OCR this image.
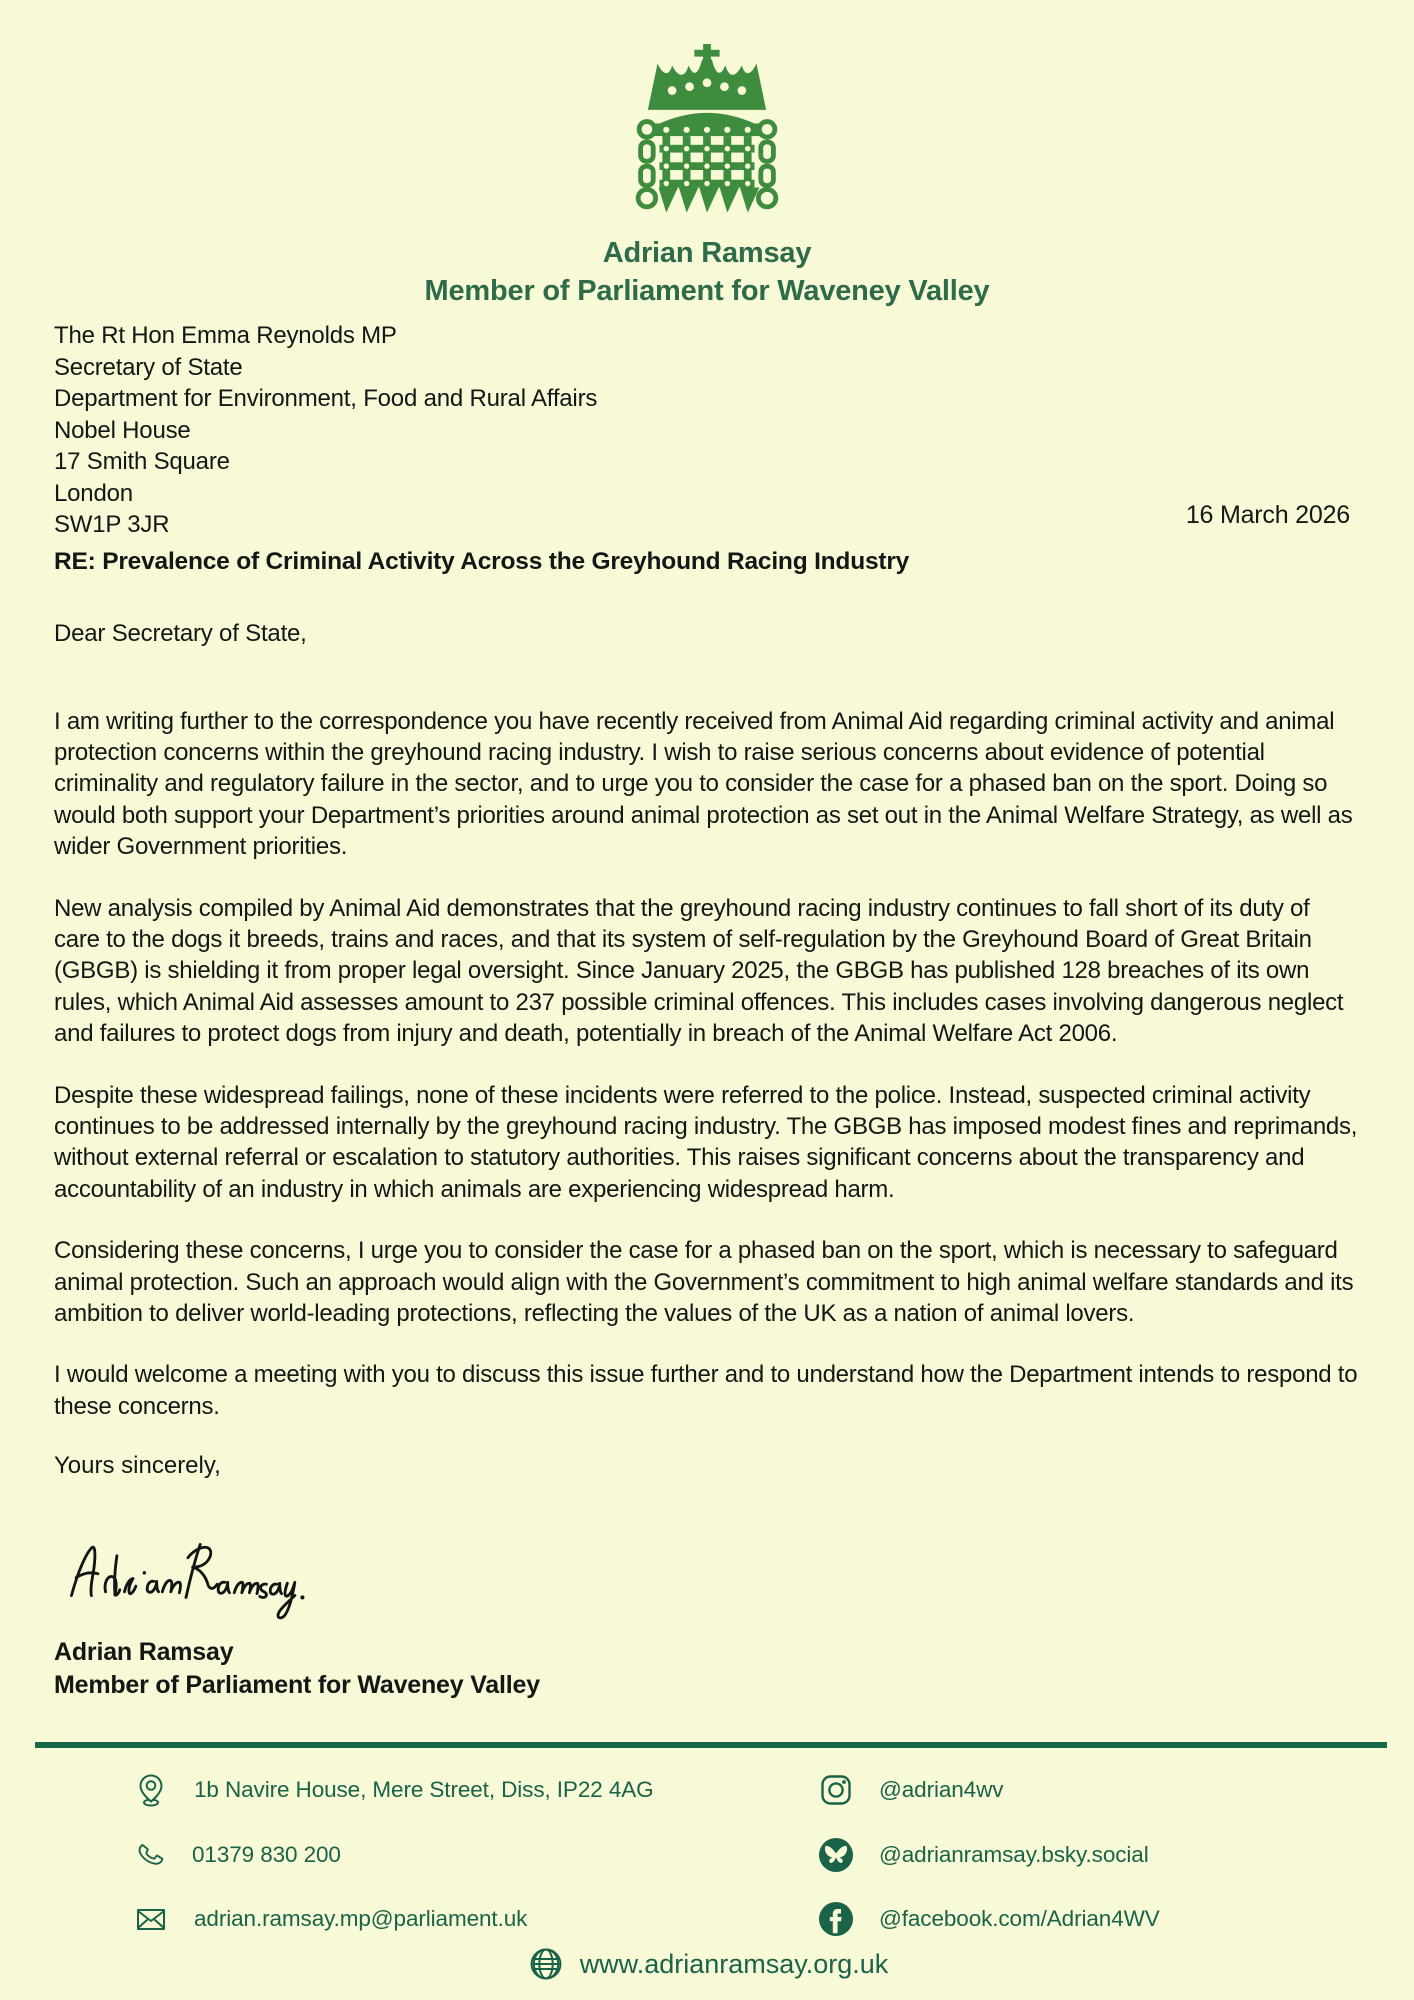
Adrian Ramsay
Member of Parliament for Waveney Valley
The Rt Hon Emma Reynolds MP
Secretary of State
Department for Environment, Food and Rural Affairs
Nobel House
17 Smith Square
London
SW1P 3JR	16 March 2026
RE: Prevalence of Criminal Activity Across the Greyhound Racing Industry
Dear Secretary of State,

I am writing further to the correspondence you have recently received from Animal Aid regarding criminal activity and animal protection concerns within the greyhound racing industry. I wish to raise serious concerns about evidence of potential criminality and regulatory failure in the sector, and to urge you to consider the case for a phased ban on the sport. Doing so would both support your Department’s priorities around animal protection as set out in the Animal Welfare Strategy, as well as wider Government priorities.

New analysis compiled by Animal Aid demonstrates that the greyhound racing industry continues to fall short of its duty of care to the dogs it breeds, trains and races, and that its system of self-regulation by the Greyhound Board of Great Britain (GBGB) is shielding it from proper legal oversight. Since January 2025, the GBGB has published 128 breaches of its own rules, which Animal Aid assesses amount to 237 possible criminal offences. This includes cases involving dangerous neglect and failures to protect dogs from injury and death, potentially in breach of the Animal Welfare Act 2006.

Despite these widespread failings, none of these incidents were referred to the police. Instead, suspected criminal activity continues to be addressed internally by the greyhound racing industry. The GBGB has imposed modest fines and reprimands, without external referral or escalation to statutory authorities. This raises significant concerns about the transparency and accountability of an industry in which animals are experiencing widespread harm.

Considering these concerns, I urge you to consider the case for a phased ban on the sport, which is necessary to safeguard animal protection. Such an approach would align with the Government’s commitment to high animal welfare standards and its ambition to deliver world-leading protections, reflecting the values of the UK as a nation of animal lovers.

I would welcome a meeting with you to discuss this issue further and to understand how the Department intends to respond to these concerns.

Yours sincerely,
Adrian Ramsay
Member of Parliament for Waveney Valley
1b Navire House, Mere Street, Diss, IP22 4AG
01379 830 200
adrian.ramsay.mp@parliament.uk
@adrian4wv
@adrianramsay.bsky.social
@facebook.com/Adrian4WV
www.adrianramsay.org.uk
